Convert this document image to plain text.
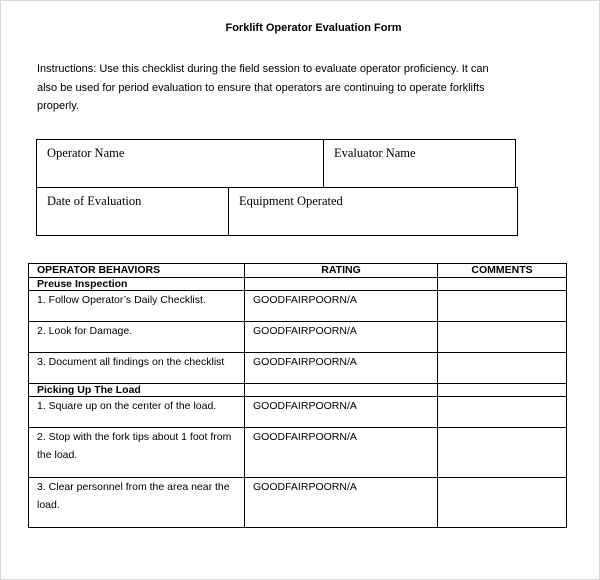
Forklift Operator Evaluation Form
Instructions: Use this checklist during the field session to evaluate operator proficiency. It can also be used for period evaluation to ensure that operators are continuing to operate forklifts properly.
Operator Name	Evaluator Name
Date of Evaluation	Equipment Operated
OPERATOR BEHAVIORS	RATING	COMMENTS
Preuse Inspection		
1. Follow Operator’s Daily Checklist.	GOODFAIRPOORN/A	
2. Look for Damage.	GOODFAIRPOORN/A	
3. Document all findings on the checklist	GOODFAIRPOORN/A	
Picking Up The Load		
1. Square up on the center of the load.	GOODFAIRPOORN/A	
2. Stop with the fork tips about 1 foot from the load.	GOODFAIRPOORN/A	
3. Clear personnel from the area near the load.	GOODFAIRPOORN/A	
